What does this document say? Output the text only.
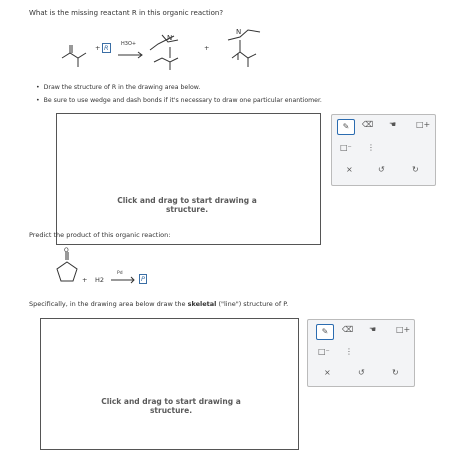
What is the missing reactant R in this organic reaction?
N
N
+ R	H3O+	+
• Draw the structure of R in the drawing area below.
• Be sure to use wedge and dash bonds if it's necessary to draw one particular enantiomer.
Click and drag to start drawing a structure.
✎	⌫ ☚ □+
□⁻ ⋮
×	↺	↻
Predict the product of this organic reaction:
O
+ H2
Pd
→ P
Specifically, in the drawing area below draw the skeletal ("line") structure of P.
Click and drag to start drawing a structure.
✎	⌫ ☚ □+
□⁻ ⋮
×	↺	↻
